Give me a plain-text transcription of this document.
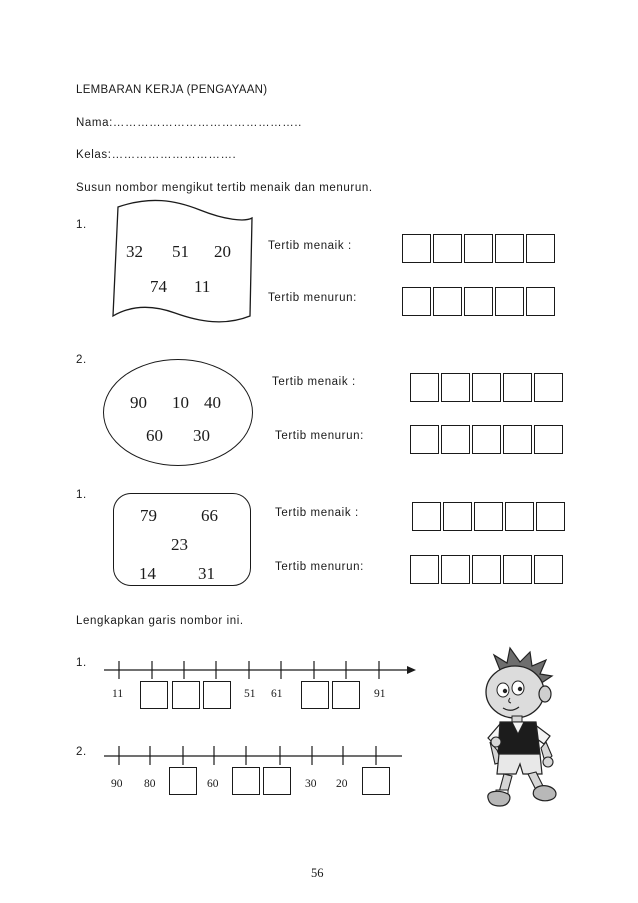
LEMBARAN KERJA (PENGAYAAN)
Nama:………………………………………..
Kelas:………………………….
Susun nombor mengikut tertib menaik dan menurun.
1.
32 51 20
74 11
Tertib menaik :
Tertib menurun:
2.
90 10 40
60 30
Tertib menaik :
Tertib menurun:
1.
79	66
23
14 31
Tertib menaik :
Tertib menurun:
Lengkapkan garis nombor ini.
1.
11	51 61	91
2.
90 80	60	30 20
56
